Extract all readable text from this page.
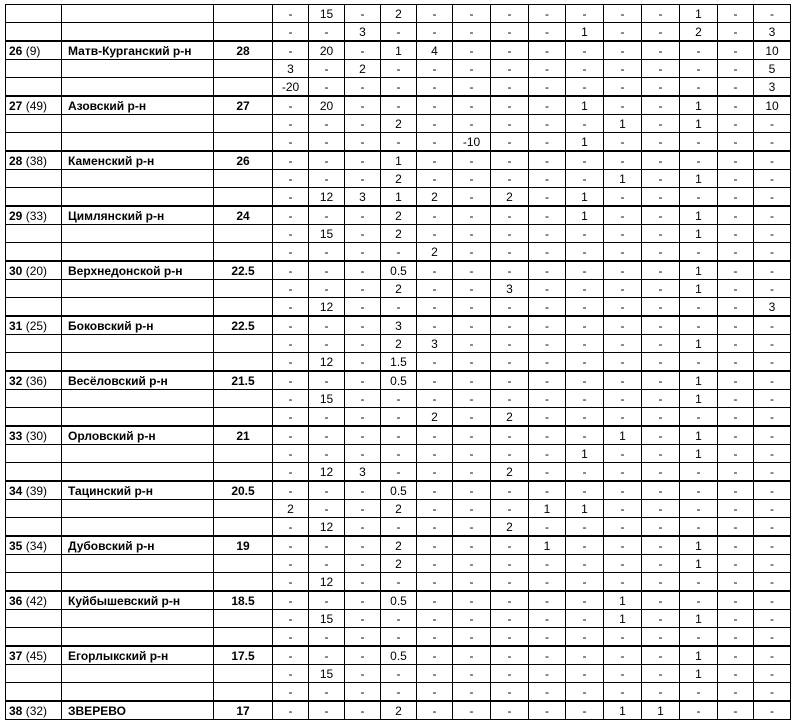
			-	15	-	2	-	-	-	-	-	-	-	1	-	-
			-	-	3	-	-	-	-	-	1	-	-	2	-	3
26 (9)	Матв-Курганский р-н	28	-	20	-	1	4	-	-	-	-	-	-	-	-	10
			3	-	2	-	-	-	-	-	-	-	-	-	-	5
			-20	-	-	-	-	-	-	-	-	-	-	-	-	3
27 (49)	Азовский р-н	27	-	20	-	-	-	-	-	-	1	-	-	1	-	10
			-	-	-	2	-	-	-	-	-	1	-	1	-	-
			-	-	-	-	-	-10	-	-	1	-	-	-	-	-
28 (38)	Каменский р-н	26	-	-	-	1	-	-	-	-	-	-	-	-	-	-
			-	-	-	2	-	-	-	-	-	1	-	1	-	-
			-	12	3	1	2	-	2	-	1	-	-	-	-	-
29 (33)	Цимлянский р-н	24	-	-	-	2	-	-	-	-	1	-	-	1	-	-
			-	15	-	2	-	-	-	-	-	-	-	1	-	-
			-	-	-	-	2	-	-	-	-	-	-	-	-	-
30 (20)	Верхнедонской р-н	22.5	-	-	-	0.5	-	-	-	-	-	-	-	1	-	-
			-	-	-	2	-	-	3	-	-	-	-	1	-	-
			-	12	-	-	-	-	-	-	-	-	-	-	-	3
31 (25)	Боковский р-н	22.5	-	-	-	3	-	-	-	-	-	-	-	-	-	-
			-	-	-	2	3	-	-	-	-	-	-	1	-	-
			-	12	-	1.5	-	-	-	-	-	-	-	-	-	-
32 (36)	Весёловский р-н	21.5	-	-	-	0.5	-	-	-	-	-	-	-	1	-	-
			-	15	-	-	-	-	-	-	-	-	-	1	-	-
			-	-	-	-	2	-	2	-	-	-	-	-	-	-
33 (30)	Орловский р-н	21	-	-	-	-	-	-	-	-	-	1	-	1	-	-
			-	-	-	-	-	-	-	-	1	-	-	1	-	-
			-	12	3	-	-	-	2	-	-	-	-	-	-	-
34 (39)	Тацинский р-н	20.5	-	-	-	0.5	-	-	-	-	-	-	-	-	-	-
			2	-	-	2	-	-	-	1	1	-	-	-	-	-
			-	12	-	-	-	-	2	-	-	-	-	-	-	-
35 (34)	Дубовский р-н	19	-	-	-	2	-	-	-	1	-	-	-	1	-	-
			-	-	-	2	-	-	-	-	-	-	-	1	-	-
			-	12	-	-	-	-	-	-	-	-	-	-	-	-
36 (42)	Куйбышевский р-н	18.5	-	-	-	0.5	-	-	-	-	-	1	-	-	-	-
			-	15	-	-	-	-	-	-	-	1	-	1	-	-
			-	-	-	-	-	-	-	-	-	-	-	-	-	-
37 (45)	Егорлыкский р-н	17.5	-	-	-	0.5	-	-	-	-	-	-	-	1	-	-
			-	15	-	-	-	-	-	-	-	-	-	1	-	-
			-	-	-	-	-	-	-	-	-	-	-	-	-	-
38 (32)	ЗВЕРЕВО	17	-	-	-	2	-	-	-	-	-	1	1	-	-	-
